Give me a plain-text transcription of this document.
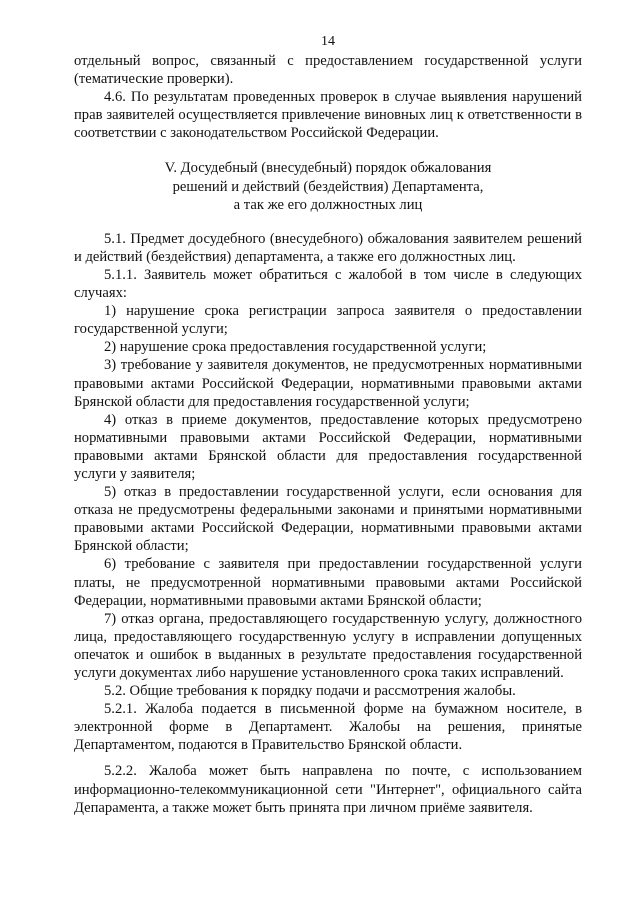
14

отдельный вопрос, связанный с предоставлением государственной услуги (тематические проверки).

4.6. По результатам проведенных проверок в случае выявления нарушений прав заявителей осуществляется привлечение виновных лиц к ответственности в соответствии с законодательством Российской Федерации.

V. Досудебный (внесудебный) порядок обжалования
решений и действий (бездействия) Департамента,
а так же его должностных лиц

5.1. Предмет досудебного (внесудебного) обжалования заявителем решений и действий (бездействия) департамента, а также его должностных лиц.

5.1.1. Заявитель может обратиться с жалобой в том числе в следующих случаях:

1) нарушение срока регистрации запроса заявителя о предоставлении государственной услуги;

2) нарушение срока предоставления государственной услуги;

3) требование у заявителя документов, не предусмотренных нормативными правовыми актами Российской Федерации, нормативными правовыми актами Брянской области для предоставления государственной услуги;

4) отказ в приеме документов, предоставление которых предусмотрено нормативными правовыми актами Российской Федерации, нормативными правовыми актами Брянской области для предоставления государственной услуги у заявителя;

5) отказ в предоставлении государственной услуги, если основания для отказа не предусмотрены федеральными законами и принятыми нормативными правовыми актами Российской Федерации, нормативными правовыми актами Брянской области;

6) требование с заявителя при предоставлении государственной услуги платы, не предусмотренной нормативными правовыми актами Российской Федерации, нормативными правовыми актами Брянской области;

7) отказ органа, предоставляющего государственную услугу, должностного лица, предоставляющего государственную услугу в исправлении допущенных опечаток и ошибок в выданных в результате предоставления государственной услуги документах либо нарушение установленного срока таких исправлений.

5.2. Общие требования к порядку подачи и рассмотрения жалобы.

5.2.1. Жалоба подается в письменной форме на бумажном носителе, в электронной форме в Департамент. Жалобы на решения, принятые Департаментом, подаются в Правительство Брянской области.

5.2.2. Жалоба может быть направлена по почте, с использованием информационно-телекоммуникационной сети "Интернет", официального сайта Депараментa, а также может быть принята при личном приёме заявителя.
